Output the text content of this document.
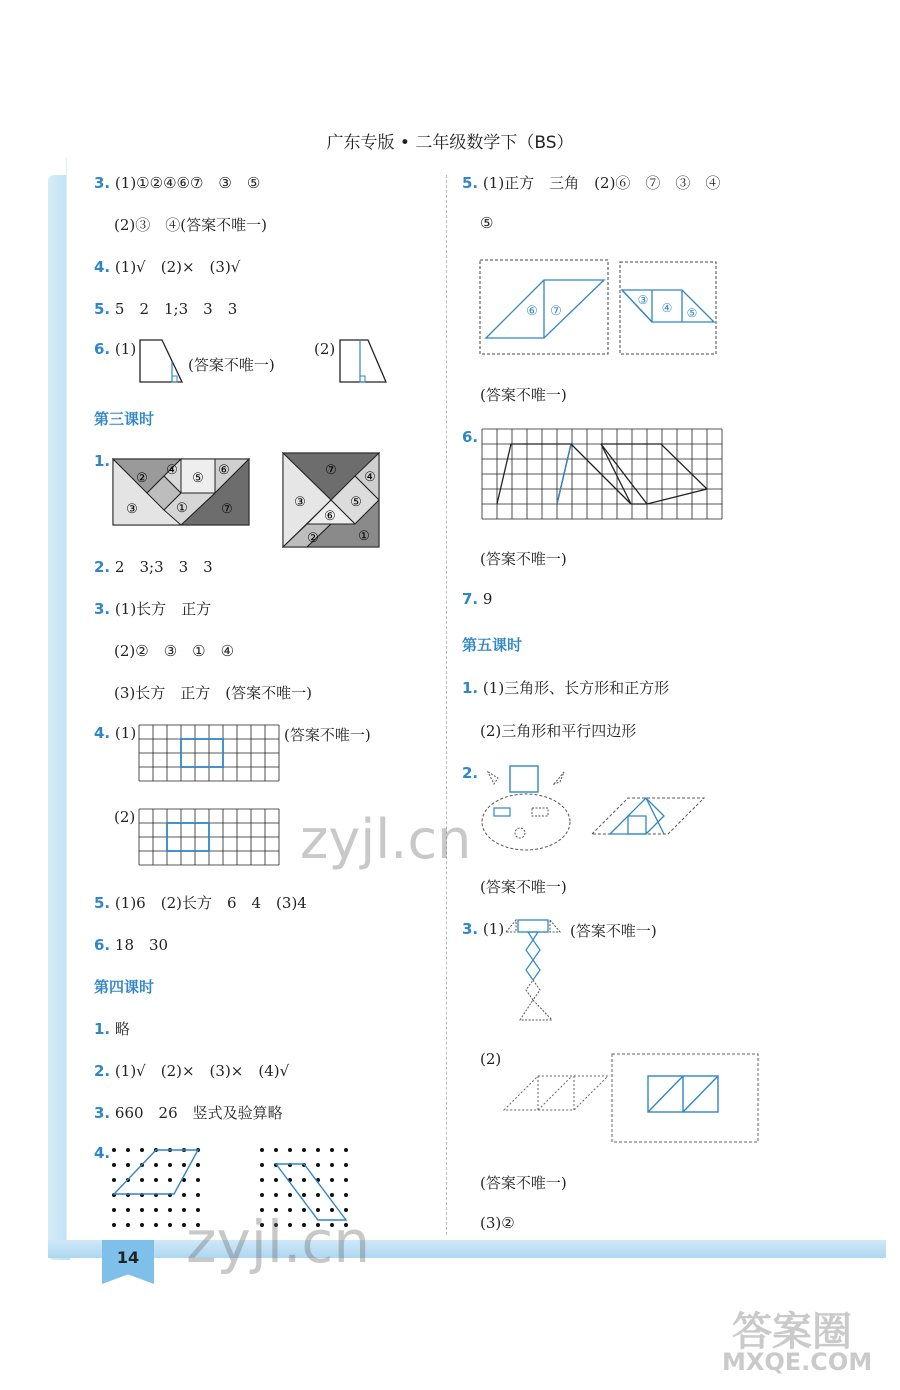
广东专版 • 二年级数学下（BS）
3. (1)①②④⑥⑦　③　⑤
(2)③　④(答案不唯一)
4. (1)√　(2)×　(3)√
5. 5　2　1;3　3　3
6. (1)
(答案不唯一)
(2)
第三课时
1.
②
④
⑤
⑥
③	①	⑦
⑦ ④
③	⑤
⑥
②	①
2. 2　3;3　3　3
3. (1)长方　正方
(2)②　③　①　④
(3)长方　正方　(答案不唯一)
4. (1)	(答案不唯一)
(2)
5. (1)6　(2)长方　6　4　(3)4
6. 18　30
第四课时
1. 略
2. (1)√　(2)×　(3)×　(4)√
3. 660　26　竖式及验算略
4.
5. (1)正方　三角　(2)⑥　⑦　③　④
⑤
⑥ ⑦
③
④ ⑤
(答案不唯一)
6.
(答案不唯一)
7. 9
第五课时
1. (1)三角形、长方形和正方形
(2)三角形和平行四边形
2.
(答案不唯一)
3. (1)	(答案不唯一)
(2)
(答案不唯一)
(3)②
14
zyjl.cn
zyjl.cn
答案圈
MXQE.COM
